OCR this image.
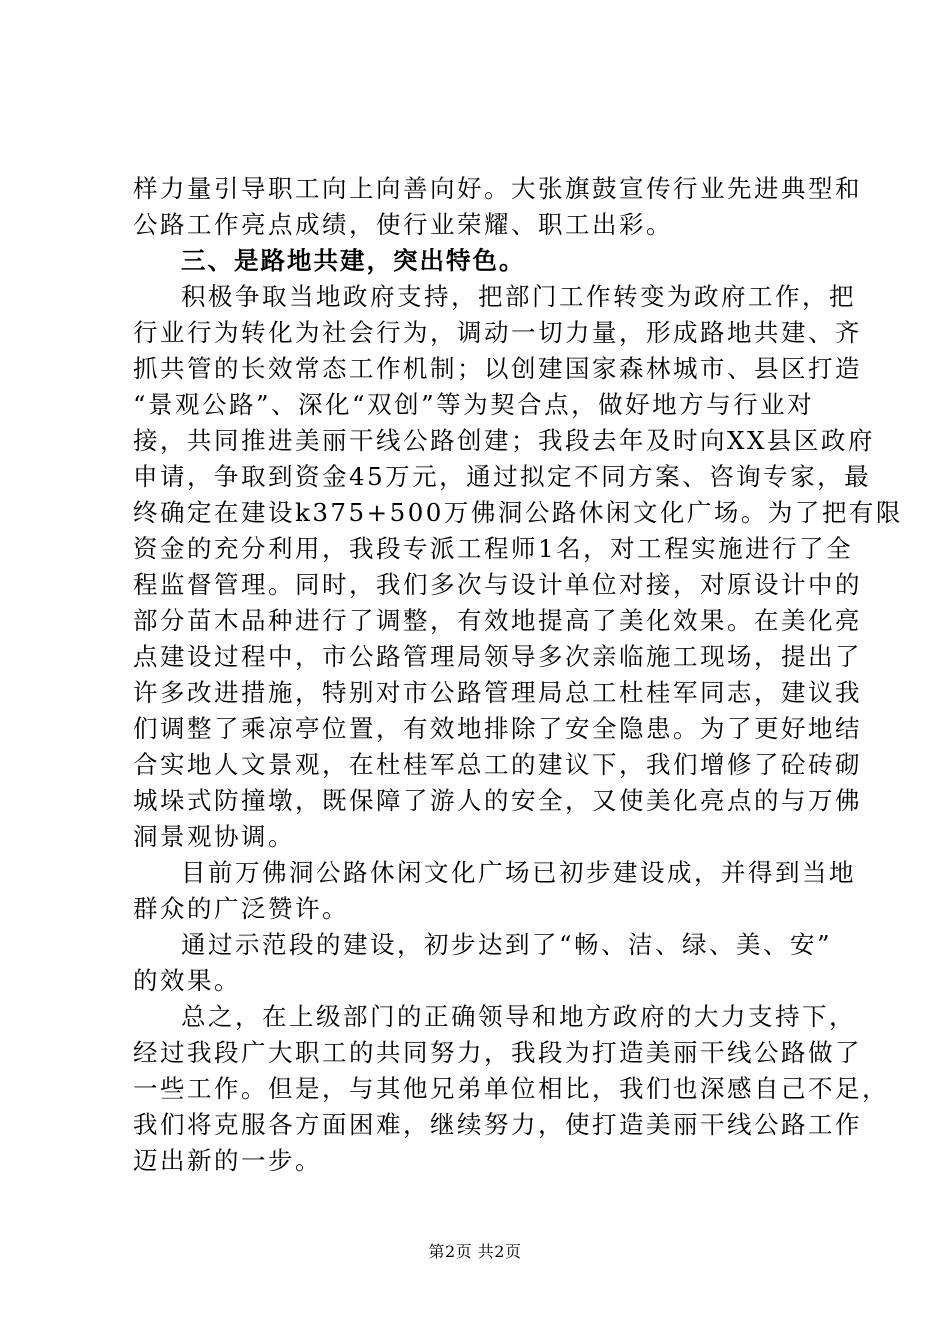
样力量引导职工向上向善向好。大张旗鼓宣传行业先进典型和
公路工作亮点成绩，使行业荣耀、职工出彩。
三、是路地共建，突出特色。
积极争取当地政府支持，把部门工作转变为政府工作，把
行业行为转化为社会行为，调动一切力量，形成路地共建、齐
抓共管的长效常态工作机制；以创建国家森林城市、县区打造
“景观公路”、深化“双创”等为契合点，做好地方与行业对
接，共同推进美丽干线公路创建；我段去年及时向XX县区政府
申请，争取到资金45万元，通过拟定不同方案、咨询专家，最
终确定在建设k375+500万佛洞公路休闲文化广场。为了把有限
资金的充分利用，我段专派工程师1名，对工程实施进行了全
程监督管理。同时，我们多次与设计单位对接，对原设计中的
部分苗木品种进行了调整，有效地提高了美化效果。在美化亮
点建设过程中，市公路管理局领导多次亲临施工现场，提出了
许多改进措施，特别对市公路管理局总工杜桂军同志，建议我
们调整了乘凉亭位置，有效地排除了安全隐患。为了更好地结
合实地人文景观，在杜桂军总工的建议下，我们增修了砼砖砌
城垛式防撞墩，既保障了游人的安全，又使美化亮点的与万佛
洞景观协调。
目前万佛洞公路休闲文化广场已初步建设成，并得到当地
群众的广泛赞许。
通过示范段的建设，初步达到了“畅、洁、绿、美、安”
的效果。
总之，在上级部门的正确领导和地方政府的大力支持下，
经过我段广大职工的共同努力，我段为打造美丽干线公路做了
一些工作。但是，与其他兄弟单位相比，我们也深感自己不足，
我们将克服各方面困难，继续努力，使打造美丽干线公路工作
迈出新的一步。
第2页 共2页
